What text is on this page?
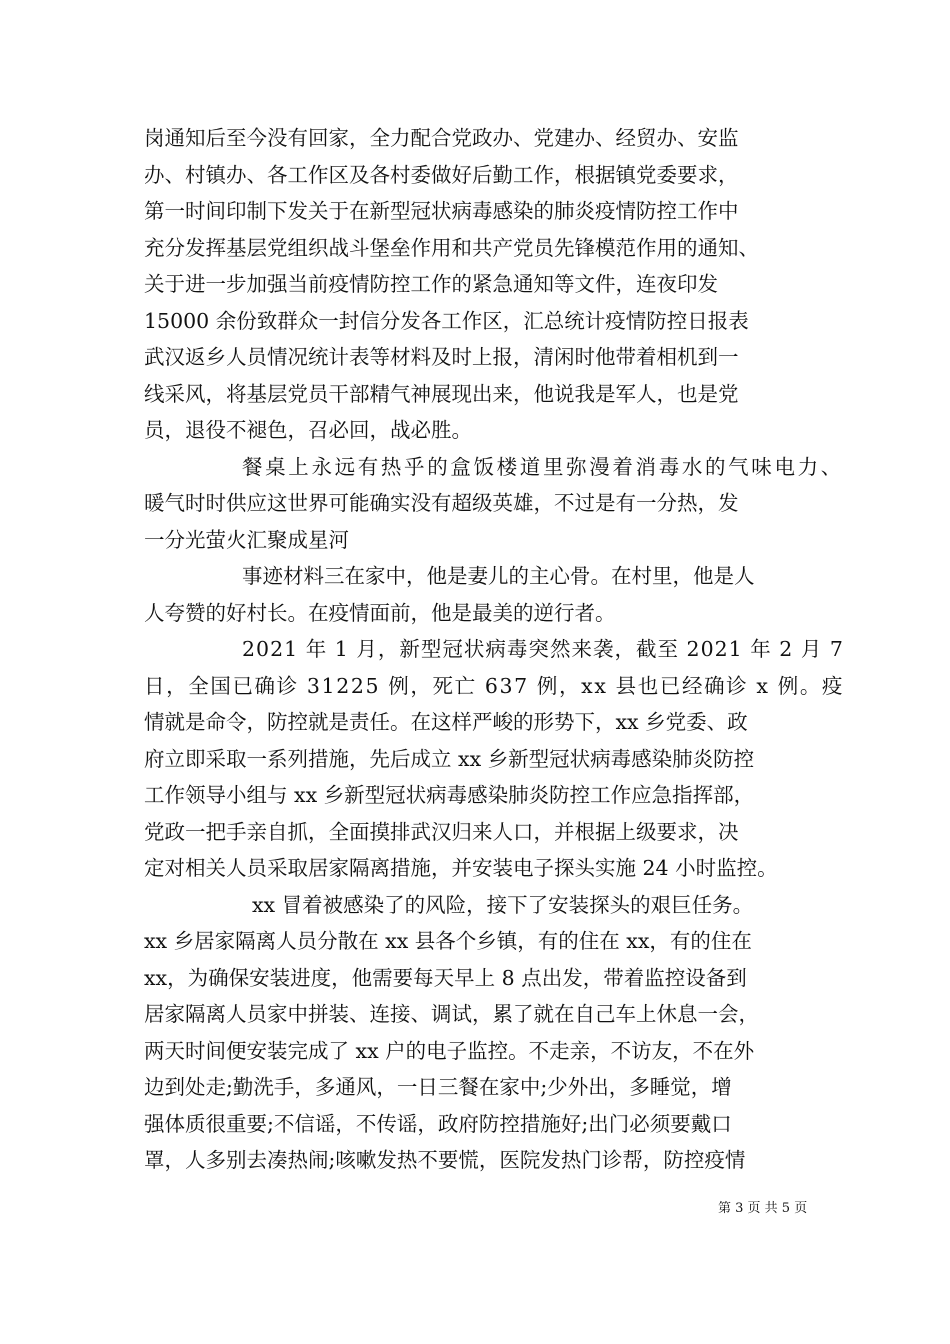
岗通知后至今没有回家，全力配合党政办、党建办、经贸办、安监
办、村镇办、各工作区及各村委做好后勤工作，根据镇党委要求，
第一时间印制下发关于在新型冠状病毒感染的肺炎疫情防控工作中
充分发挥基层党组织战斗堡垒作用和共产党员先锋模范作用的通知、
关于进一步加强当前疫情防控工作的紧急通知等文件，连夜印发
15000 余份致群众一封信分发各工作区，汇总统计疫情防控日报表
武汉返乡人员情况统计表等材料及时上报，清闲时他带着相机到一
线采风，将基层党员干部精气神展现出来，他说我是军人，也是党
员，退役不褪色，召必回，战必胜。
餐桌上永远有热乎的盒饭楼道里弥漫着消毒水的气味电力、
暖气时时供应这世界可能确实没有超级英雄，不过是有一分热，发
一分光萤火汇聚成星河
事迹材料三在家中，他是妻儿的主心骨。在村里，他是人
人夸赞的好村长。在疫情面前，他是最美的逆行者。
2021 年 1 月，新型冠状病毒突然来袭，截至 2021 年 2 月 7
日，全国已确诊 31225 例，死亡 637 例，xx 县也已经确诊 x 例。疫
情就是命令，防控就是责任。在这样严峻的形势下，xx 乡党委、政
府立即采取一系列措施，先后成立 xx 乡新型冠状病毒感染肺炎防控
工作领导小组与 xx 乡新型冠状病毒感染肺炎防控工作应急指挥部，
党政一把手亲自抓，全面摸排武汉归来人口，并根据上级要求，决
定对相关人员采取居家隔离措施，并安装电子探头实施 24 小时监控。
xx 冒着被感染了的风险，接下了安装探头的艰巨任务。
xx 乡居家隔离人员分散在 xx 县各个乡镇，有的住在 xx，有的住在
xx，为确保安装进度，他需要每天早上 8 点出发，带着监控设备到
居家隔离人员家中拼装、连接、调试，累了就在自己车上休息一会，
两天时间便安装完成了 xx 户的电子监控。不走亲，不访友，不在外
边到处走;勤洗手，多通风，一日三餐在家中;少外出，多睡觉，增
强体质很重要;不信谣，不传谣，政府防控措施好;出门必须要戴口
罩，人多别去凑热闹;咳嗽发热不要慌，医院发热门诊帮，防控疫情
第 3 页 共 5 页
